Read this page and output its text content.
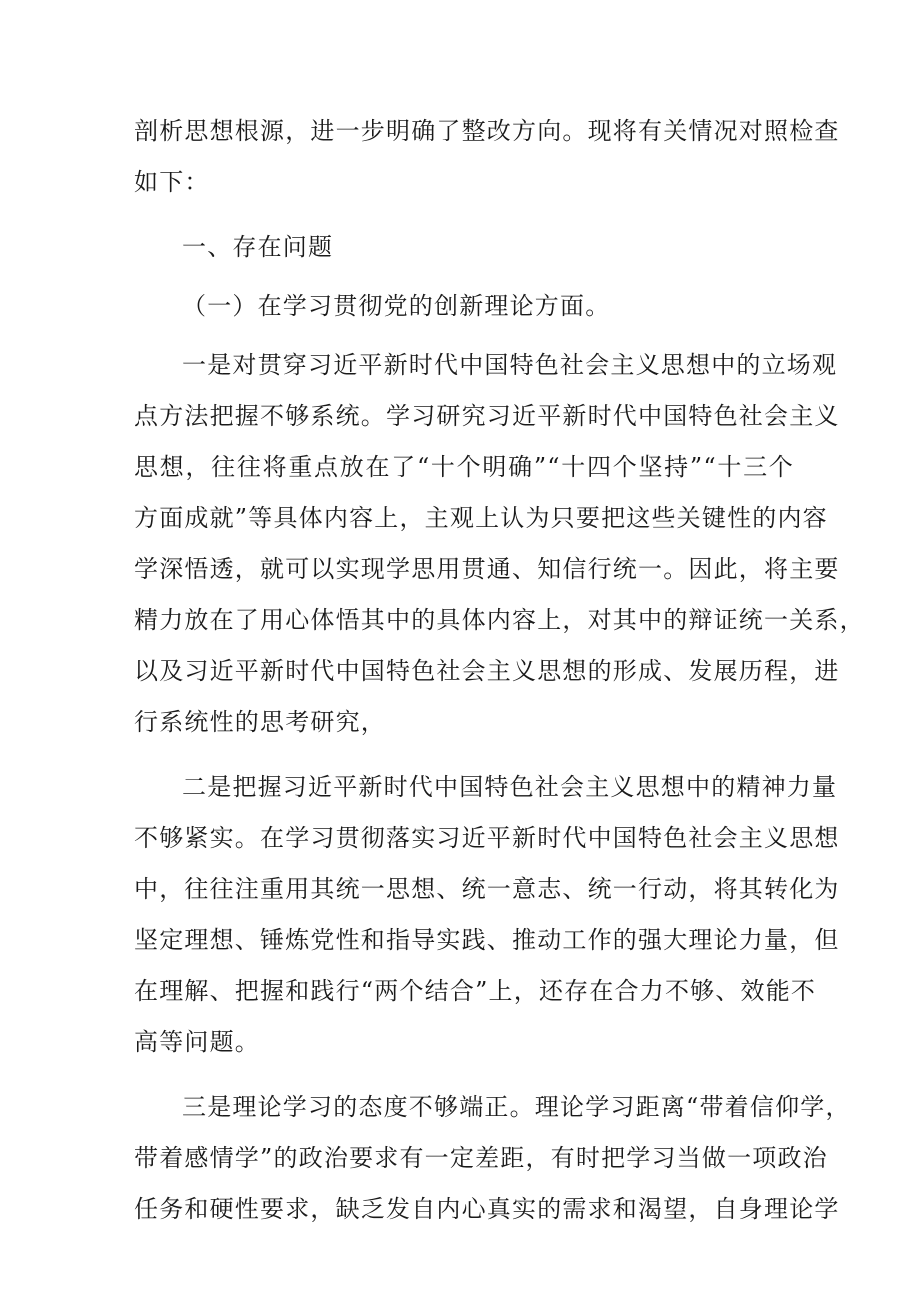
剖析思想根源，进一步明确了整改方向。现将有关情况对照检查
如下：
一、存在问题
（一）在学习贯彻党的创新理论方面。
一是对贯穿习近平新时代中国特色社会主义思想中的立场观
点方法把握不够系统。学习研究习近平新时代中国特色社会主义
思想，往往将重点放在了“十个明确”“十四个坚持”“十三个
方面成就”等具体内容上，主观上认为只要把这些关键性的内容
学深悟透，就可以实现学思用贯通、知信行统一。因此，将主要
精力放在了用心体悟其中的具体内容上，对其中的辩证统一关系，
以及习近平新时代中国特色社会主义思想的形成、发展历程，进
行系统性的思考研究，
二是把握习近平新时代中国特色社会主义思想中的精神力量
不够紧实。在学习贯彻落实习近平新时代中国特色社会主义思想
中，往往注重用其统一思想、统一意志、统一行动，将其转化为
坚定理想、锤炼党性和指导实践、推动工作的强大理论力量，但
在理解、把握和践行“两个结合”上，还存在合力不够、效能不
高等问题。
三是理论学习的态度不够端正。理论学习距离“带着信仰学，
带着感情学”的政治要求有一定差距，有时把学习当做一项政治
任务和硬性要求，缺乏发自内心真实的需求和渴望，自身理论学
